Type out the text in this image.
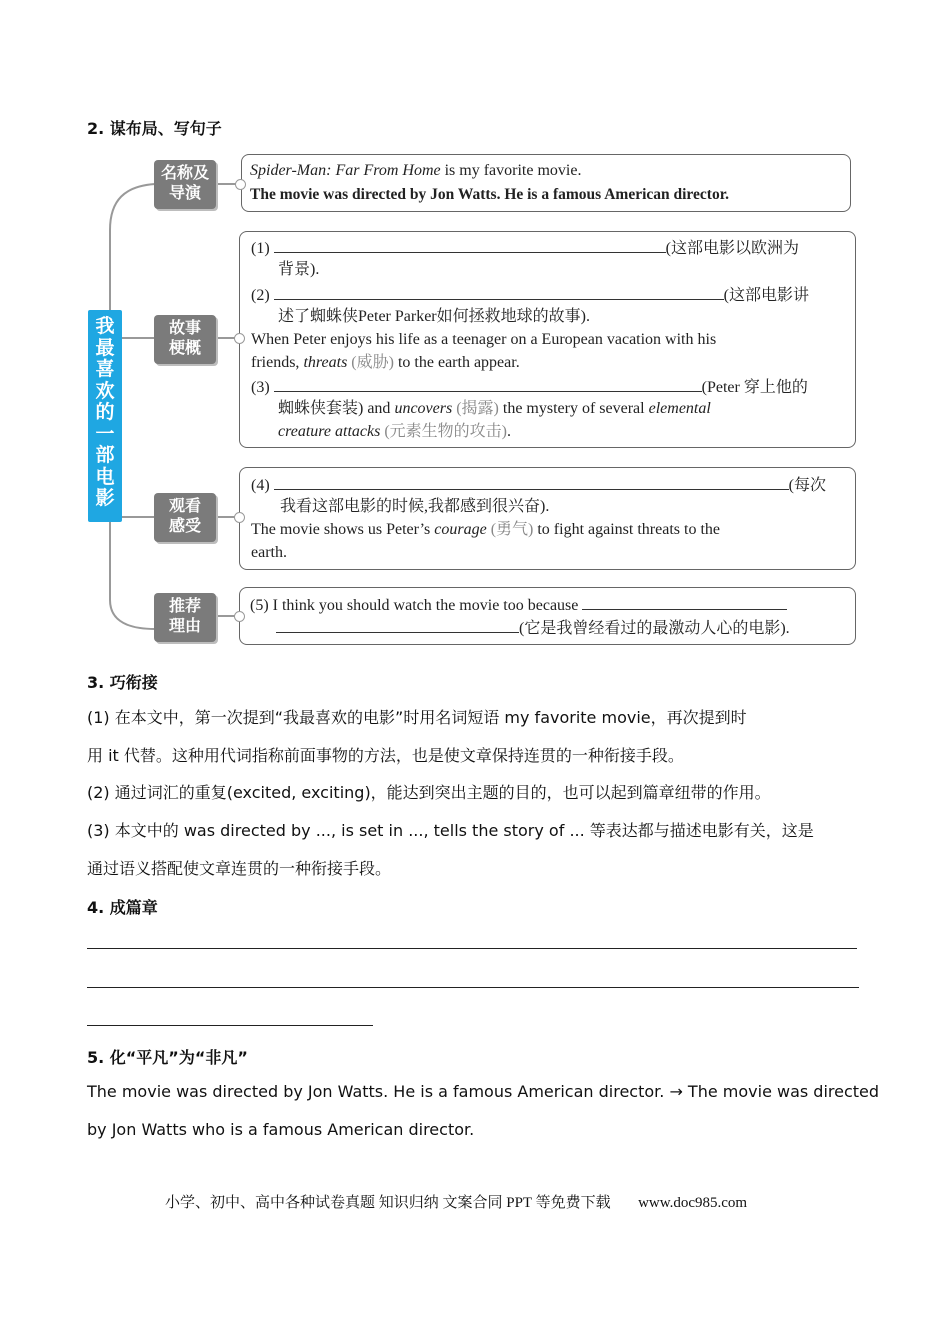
2. 谋布局、写句子
我
最
喜
欢
的
一
部
电
影
名称及
导演
故事
梗概
观看
感受
推荐
理由
Spider-Man: Far From Home is my favorite movie.
The movie was directed by Jon Watts. He is a famous American director.
(1)	(这部电影以欧洲为
背景).
(2)	(这部电影讲
述了蜘蛛侠Peter Parker如何拯救地球的故事).
When Peter enjoys his life as a teenager on a European vacation with his
friends, threats (威胁) to the earth appear.
(3)	(Peter 穿上他的
蜘蛛侠套装) and uncovers (揭露) the mystery of several elemental
creature attacks (元素生物的攻击).
(4)	(每次
我看这部电影的时候,我都感到很兴奋).
The movie shows us Peter’s courage (勇气) to fight against threats to the
earth.
(5) I think you should watch the movie too because
(它是我曾经看过的最激动人心的电影).
3. 巧衔接
(1) 在本文中，第一次提到“我最喜欢的电影”时用名词短语 my favorite movie，再次提到时
用 it 代替。这种用代词指称前面事物的方法，也是使文章保持连贯的一种衔接手段。
(2) 通过词汇的重复(excited, exciting)，能达到突出主题的目的，也可以起到篇章纽带的作用。
(3) 本文中的 was directed by ..., is set in ..., tells the story of ... 等表达都与描述电影有关，这是
通过语义搭配使文章连贯的一种衔接手段。
4. 成篇章
5. 化“平凡”为“非凡”
The movie was directed by Jon Watts. He is a famous American director. → The movie was directed
by Jon Watts who is a famous American director.
小学、初中、高中各种试卷真题 知识归纳 文案合同 PPT 等免费下载 www.doc985.com
